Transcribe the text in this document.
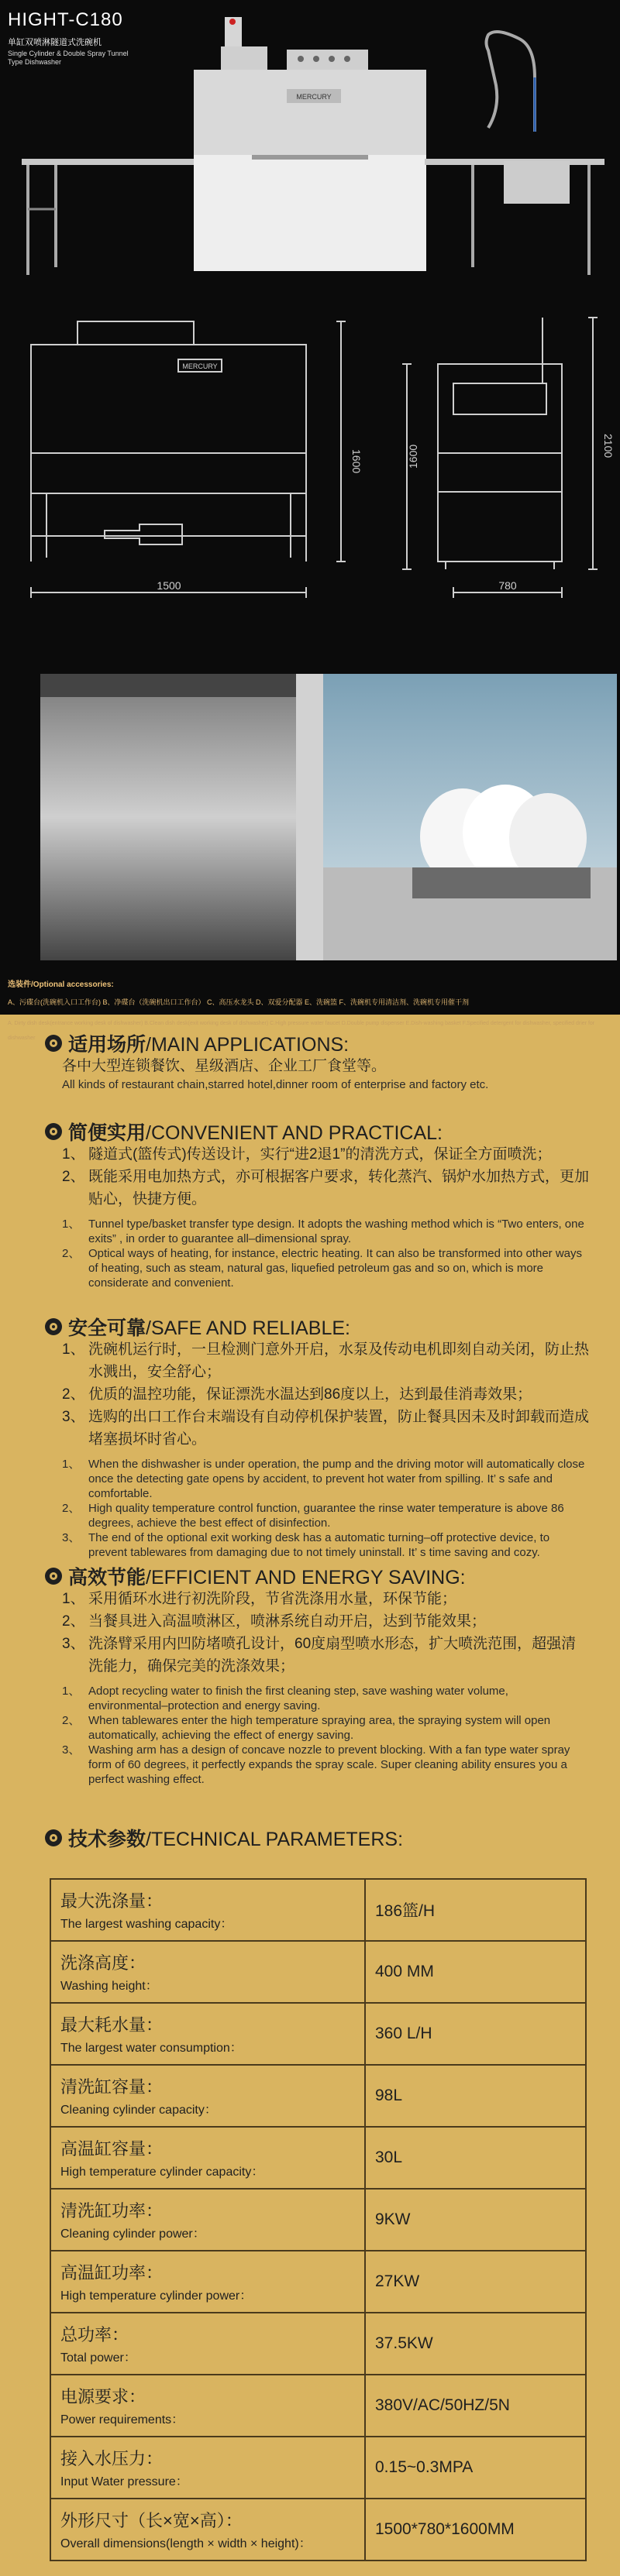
HIGHT-C180
单缸双喷淋隧道式洗碗机
Single Cylinder & Double Spray Tunnel
Type Dishwasher
MERCURY
MERCURY
1500
1600
780
1600	2100
选装件/Optional accessories:
A、污碟台(洗碗机入口工作台) B、净碟台（洗碗机出口工作台） C、高压水龙头 D、双爱分配器 E、洗碗篮 F、洗碗机专用清洁剂、洗碗机专用催干剂
A. Dirty dish desk(entrance working desk of dishwasher) B.Clean dish desk(exit working desk of dishwasher) C.High pressure water faucet D.Double pump dispenser E.Dish-washing basket F.Specified detergent for dishwasher, specified drier for dishwasher	适用场所/MAIN APPLICATIONS:
各中大型连锁餐饮、星级酒店、企业工厂食堂等。
All kinds of restaurant chain,starred hotel,dinner room of enterprise and factory etc.
简便实用/CONVENIENT AND PRACTICAL:
1、 隧道式(篮传式)传送设计，实行“进2退1”的清洗方式，保证全方面喷洗；
2、 既能采用电加热方式，亦可根据客户要求，转化蒸汽、锅炉水加热方式，更加贴心，快捷方便。
1、 Tunnel type/basket transfer type design. It adopts the washing method which is “Two enters, one exits” , in order to guarantee all–dimensional spray.
2、 Optical ways of heating, for instance, electric heating. It can also be transformed into other ways of heating, such as steam, natural gas, liquefied petroleum gas and so on, which is more considerate and convenient.
安全可靠/SAFE AND RELIABLE:
1、 洗碗机运行时，一旦检测门意外开启，水泵及传动电机即刻自动关闭，防止热水溅出，安全舒心；
2、 优质的温控功能，保证漂洗水温达到86度以上，达到最佳消毒效果；
3、 选购的出口工作台末端设有自动停机保护装置，防止餐具因未及时卸载而造成堵塞损坏时省心。
1、 When the dishwasher is under operation, the pump and the driving motor will automatically close once the detecting gate opens by accident, to prevent hot water from spilling. It’ s safe and comfortable.
2、 High quality temperature control function, guarantee the rinse water temperature is above 86 degrees, achieve the best effect of disinfection.
3、 The end of the optional exit working desk has a automatic turning–off protective device, to prevent tablewares from damaging due to not timely uninstall. It’ s time saving and cozy.
高效节能/EFFICIENT AND ENERGY SAVING:
1、 采用循环水进行初洗阶段，节省洗涤用水量，环保节能；
2、 当餐具进入高温喷淋区，喷淋系统自动开启，达到节能效果；
3、 洗涤臂采用内凹防堵喷孔设计，60度扇型喷水形态，扩大喷洗范围，超强清洗能力，确保完美的洗涤效果；
1、 Adopt recycling water to finish the first cleaning step, save washing water volume, environmental–protection and energy saving.
2、 When tablewares enter the high temperature spraying area, the spraying system will open automatically, achieving the effect of energy saving.
3、 Washing arm has a design of concave nozzle to prevent blocking. With a fan type water spray form of 60 degrees, it perfectly expands the spray scale. Super cleaning ability ensures you a perfect washing effect.
技术参数/TECHNICAL PARAMETERS:
最大洗涤量：
The largest washing capacity：	186篮/H

洗涤高度：
Washing height：	400 MM

最大耗水量：
The largest water consumption：	360 L/H

清洗缸容量：
Cleaning cylinder capacity：	98L

高温缸容量：
High temperature cylinder capacity：	30L

清洗缸功率：
Cleaning cylinder power：	9KW

高温缸功率：
High temperature cylinder power：	27KW

总功率：
Total power：	37.5KW

电源要求：
Power requirements：	380V/AC/50HZ/5N

接入水压力：
Input Water pressure：	0.15~0.3MPA

外形尺寸（长×宽×高）：
Overall dimensions(length × width × height)：	1500*780*1600MM
